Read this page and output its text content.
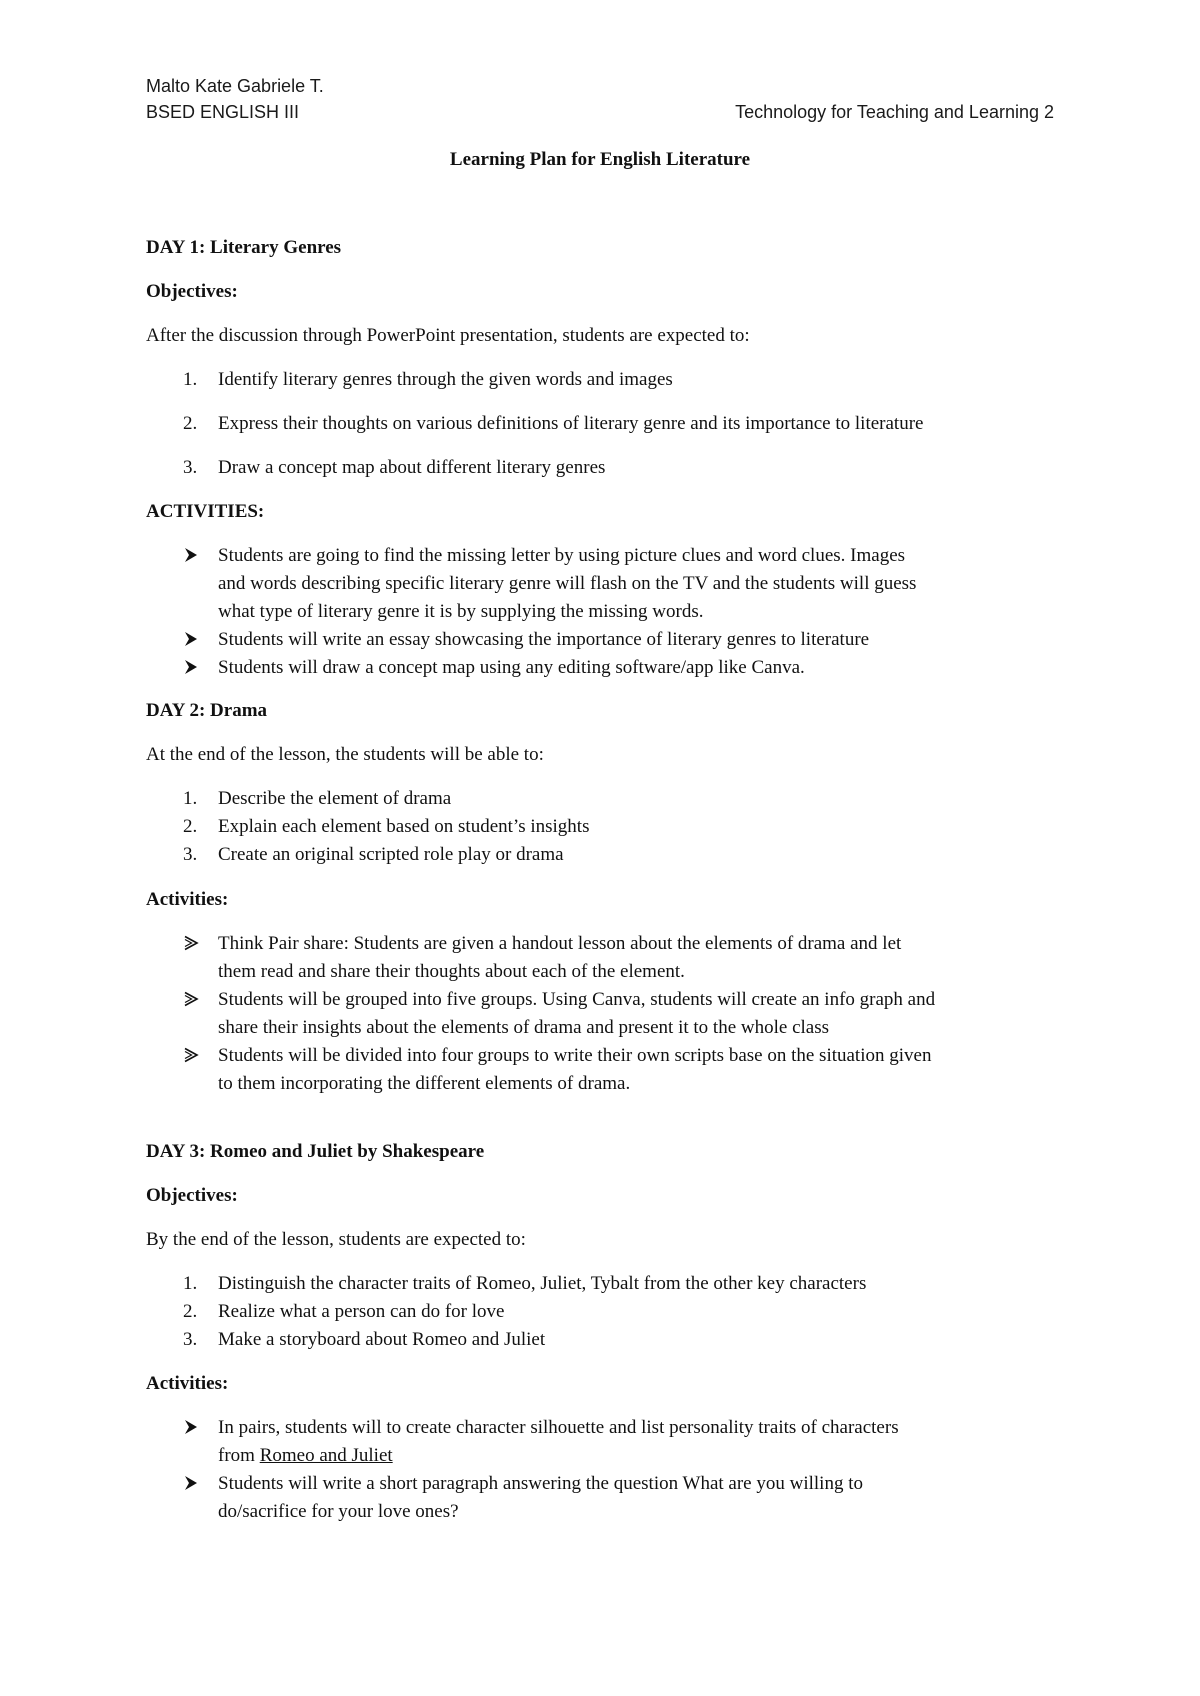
Malto Kate Gabriele T.
BSED ENGLISH III	Technology for Teaching and Learning 2
Learning Plan for English Literature
DAY 1: Literary Genres
Objectives:
After the discussion through PowerPoint presentation, students are expected to:
1. Identify literary genres through the given words and images
2. Express their thoughts on various definitions of literary genre and its importance to literature
3. Draw a concept map about different literary genres
ACTIVITIES:
Students are going to find the missing letter by using picture clues and word clues. Images
and words describing specific literary genre will flash on the TV and the students will guess
what type of literary genre it is by supplying the missing words.
Students will write an essay showcasing the importance of literary genres to literature
Students will draw a concept map using any editing software/app like Canva.
DAY 2: Drama
At the end of the lesson, the students will be able to:
1. Describe the element of drama
2. Explain each element based on student’s insights
3. Create an original scripted role play or drama
Activities:
Think Pair share: Students are given a handout lesson about the elements of drama and let
them read and share their thoughts about each of the element.
Students will be grouped into five groups. Using Canva, students will create an info graph and
share their insights about the elements of drama and present it to the whole class
Students will be divided into four groups to write their own scripts base on the situation given
to them incorporating the different elements of drama.
DAY 3: Romeo and Juliet by Shakespeare
Objectives:
By the end of the lesson, students are expected to:
1. Distinguish the character traits of Romeo, Juliet, Tybalt from the other key characters
2. Realize what a person can do for love
3. Make a storyboard about Romeo and Juliet
Activities:
In pairs, students will to create character silhouette and list personality traits of characters
from Romeo and Juliet
Students will write a short paragraph answering the question What are you willing to
do/sacrifice for your love ones?
